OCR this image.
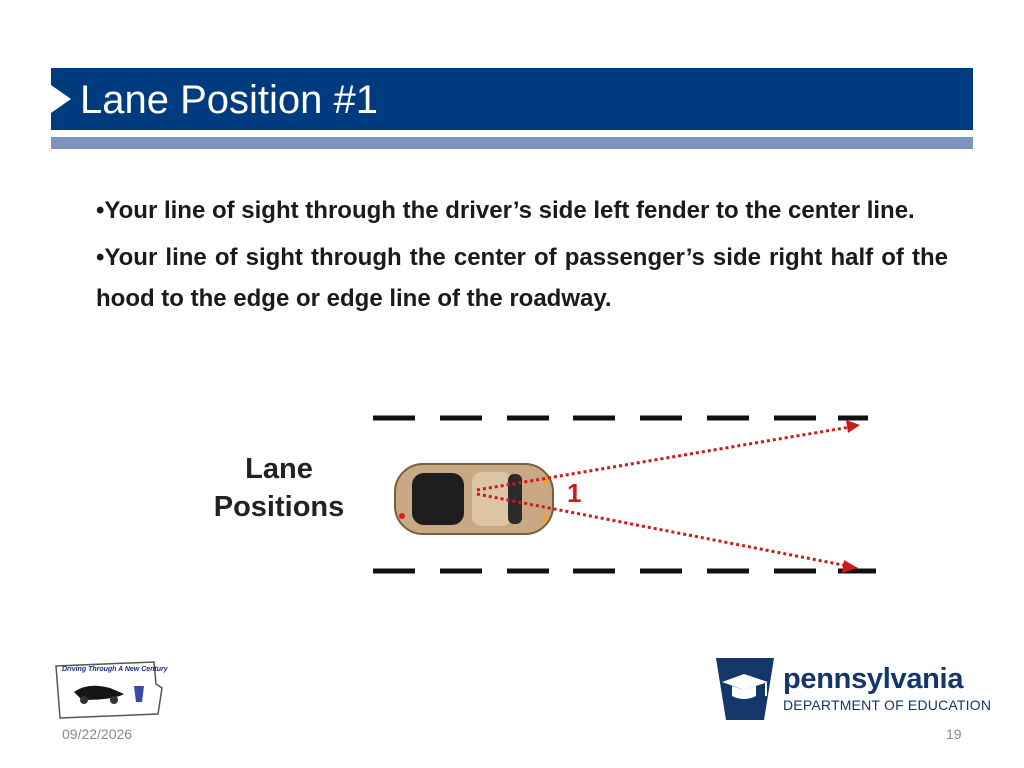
Lane Position #1

•Your line of sight through the driver’s side left fender to the center line.

•Your line of sight through the center of passenger’s side right half of the hood to the edge or edge line of the roadway.

Lane
Positions	1
Driving Through A New Century	pennsylvania
DEPARTMENT OF EDUCATION
09/22/2026	19
